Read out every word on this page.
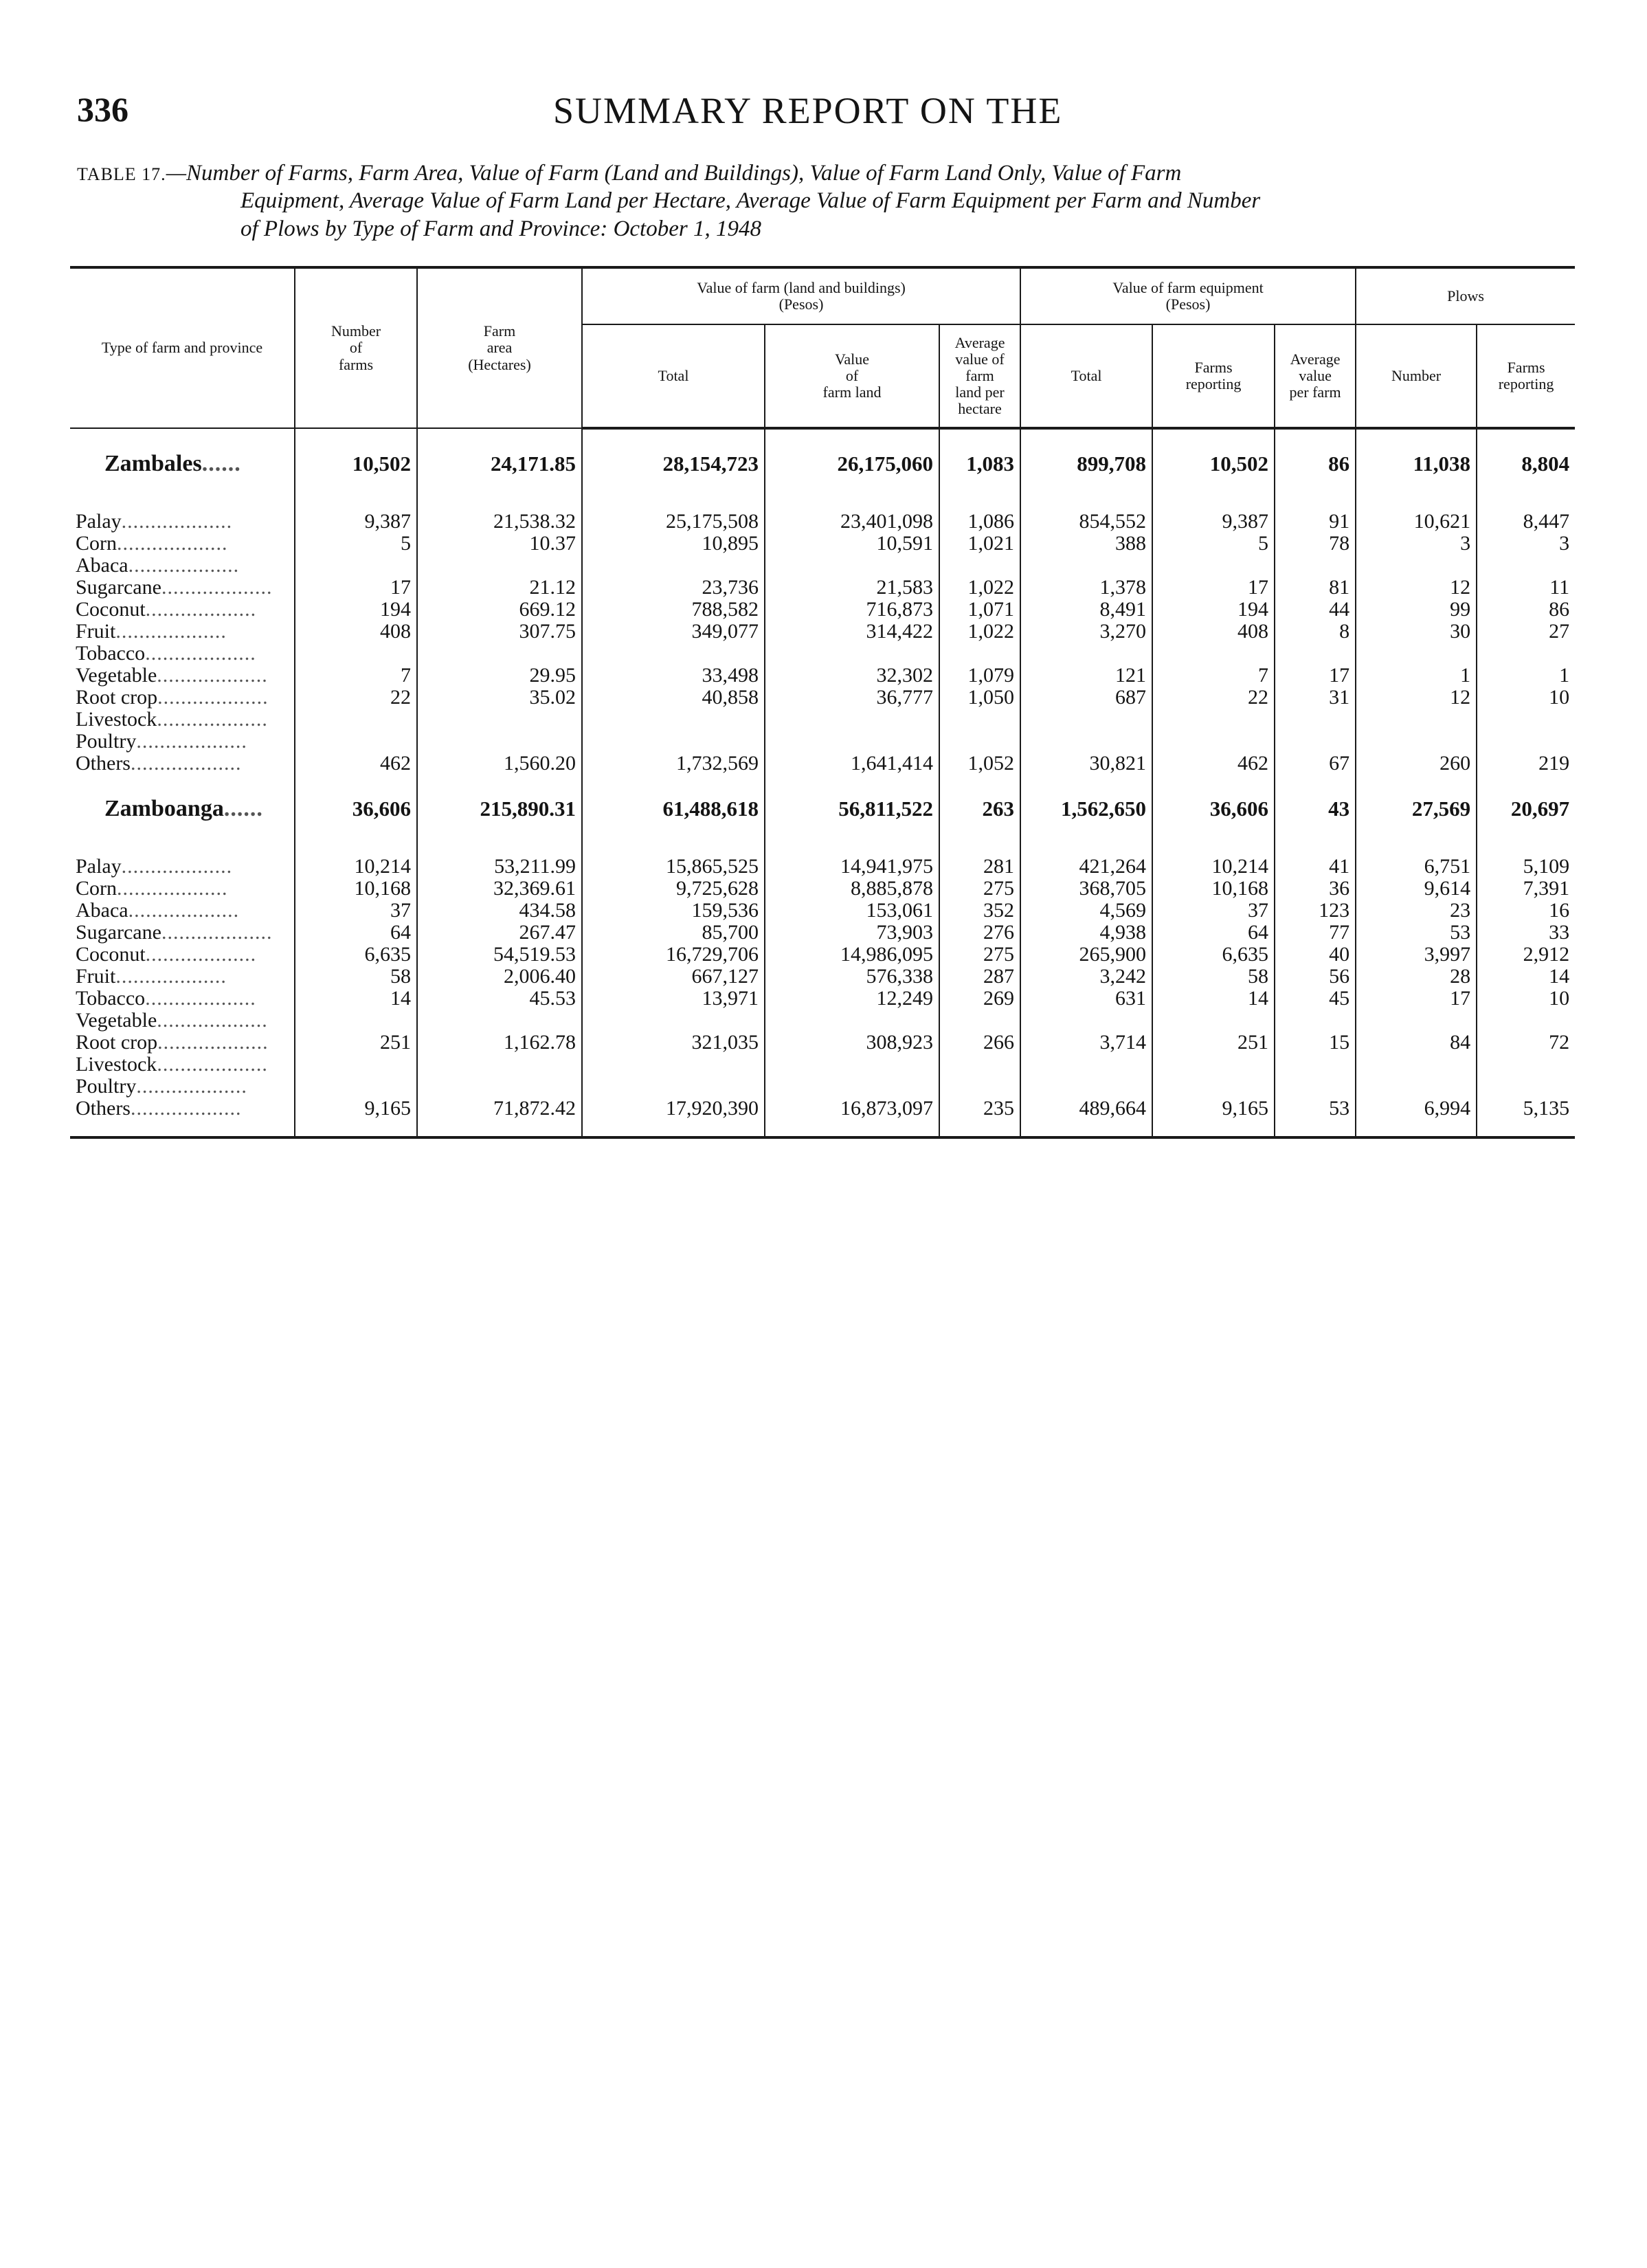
336	SUMMARY REPORT ON THE
TABLE 17.—Number of Farms, Farm Area, Value of Farm (Land and Buildings), Value of Farm Land Only, Value of Farm
Equipment, Average Value of Farm Land per Hectare, Average Value of Farm Equipment per Farm and Number
of Plows by Type of Farm and Province: October 1, 1948
Type of farm and province	Number
of
farms	Farm
area
(Hectares)	Value of farm (land and buildings)
(Pesos)			Value of farm equipment
(Pesos)			Plows	
			Total	Value
of
farm land	Average
value of
farm
land per
hectare	Total	Farms
reporting	Average
value
per farm	Number	Farms
reporting

Zambales......	10,502	24,171.85	28,154,723	26,175,060	1,083	899,708	10,502	86	11,038	8,804

Palay...................	9,387	21,538.32	25,175,508	23,401,098	1,086	854,552	9,387	91	10,621	8,447
Corn...................	5	10.37	10,895	10,591	1,021	388	5	78	3	3
Abaca...................										
Sugarcane...................	17	21.12	23,736	21,583	1,022	1,378	17	81	12	11
Coconut...................	194	669.12	788,582	716,873	1,071	8,491	194	44	99	86
Fruit...................	408	307.75	349,077	314,422	1,022	3,270	408	8	30	27
Tobacco...................										
Vegetable...................	7	29.95	33,498	32,302	1,079	121	7	17	1	1
Root crop...................	22	35.02	40,858	36,777	1,050	687	22	31	12	10
Livestock...................										
Poultry...................										
Others...................	462	1,560.20	1,732,569	1,641,414	1,052	30,821	462	67	260	219
Zamboanga......	36,606	215,890.31	61,488,618	56,811,522	263	1,562,650	36,606	43	27,569	20,697

Palay...................	10,214	53,211.99	15,865,525	14,941,975	281	421,264	10,214	41	6,751	5,109
Corn...................	10,168	32,369.61	9,725,628	8,885,878	275	368,705	10,168	36	9,614	7,391
Abaca...................	37	434.58	159,536	153,061	352	4,569	37	123	23	16
Sugarcane...................	64	267.47	85,700	73,903	276	4,938	64	77	53	33
Coconut...................	6,635	54,519.53	16,729,706	14,986,095	275	265,900	6,635	40	3,997	2,912
Fruit...................	58	2,006.40	667,127	576,338	287	3,242	58	56	28	14
Tobacco...................	14	45.53	13,971	12,249	269	631	14	45	17	10
Vegetable...................										
Root crop...................	251	1,162.78	321,035	308,923	266	3,714	251	15	84	72
Livestock...................										
Poultry...................										
Others...................	9,165	71,872.42	17,920,390	16,873,097	235	489,664	9,165	53	6,994	5,135
